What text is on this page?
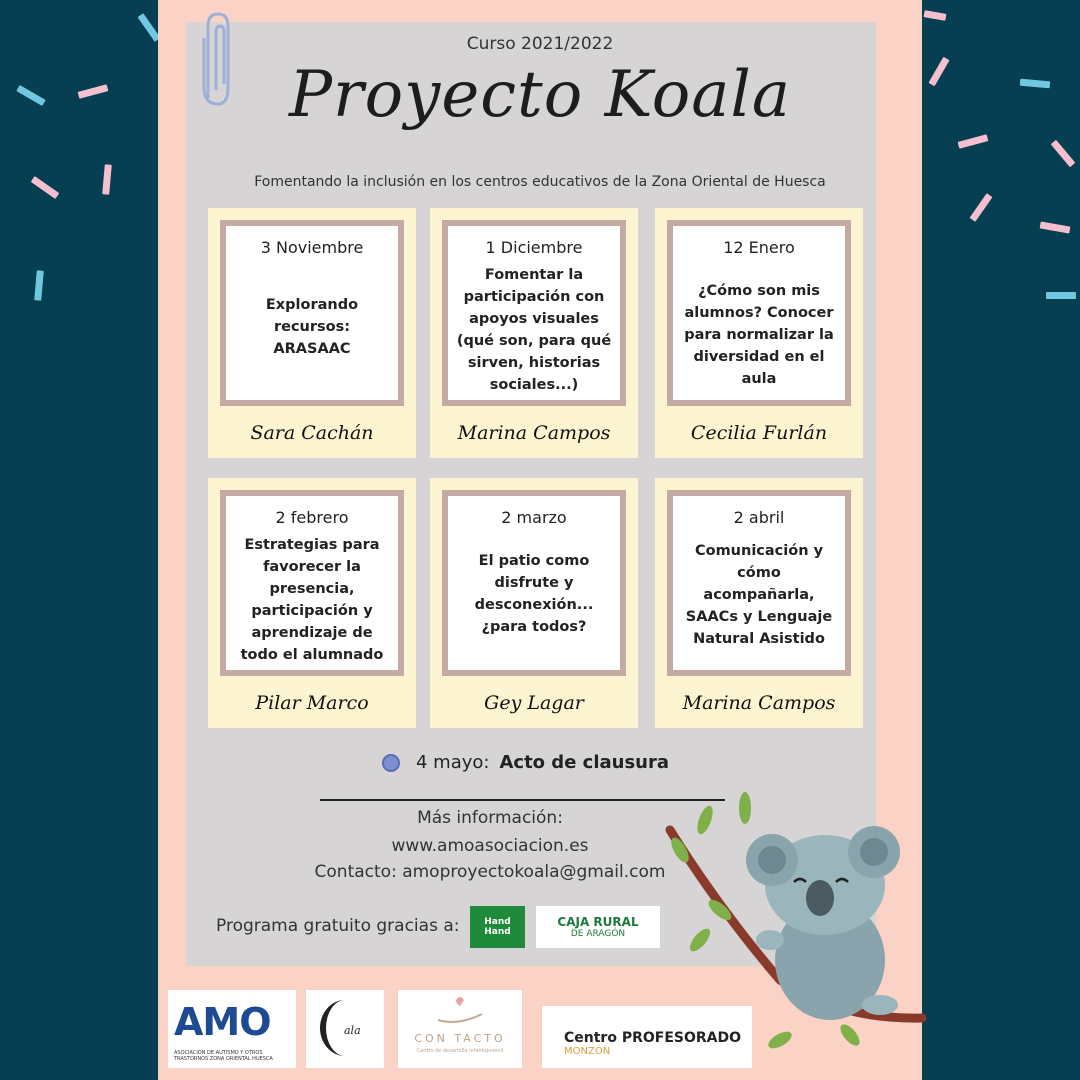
Curso 2021/2022
Proyecto Koala
Fomentando la inclusión en los centros educativos de la Zona Oriental de Huesca
3 Noviembre
Explorando recursos: ARASAAC
Sara Cachán
1 Diciembre
Fomentar la participación con apoyos visuales (qué son, para qué sirven, historias sociales...)
Marina Campos
12 Enero
¿Cómo son mis alumnos? Conocer para normalizar la diversidad en el aula
Cecilia Furlán
2 febrero
Estrategias para favorecer la presencia, participación y aprendizaje de todo el alumnado
Pilar Marco
2 marzo
El patio como disfrute y desconexión... ¿para todos?
Gey Lagar
2 abril
Comunicación y cómo acompañarla, SAACs y Lenguaje Natural Asistido
Marina Campos
4 mayo: Acto de clausura
Más información:
www.amoasociacion.es
Contacto: amoproyectokoala@gmail.com
Programa gratuito gracias a:	Hand Hand
CAJA RURAL
DE ARAGÓN
AMO
ASOCIACIÓN DE AUTISMO Y OTROS TRASTORNOS ZONA ORIENTAL HUESCA
ala
CON TACTO
Centro de desarrollo infantojuvenil
Centro PROFESORADO
MONZÓN
